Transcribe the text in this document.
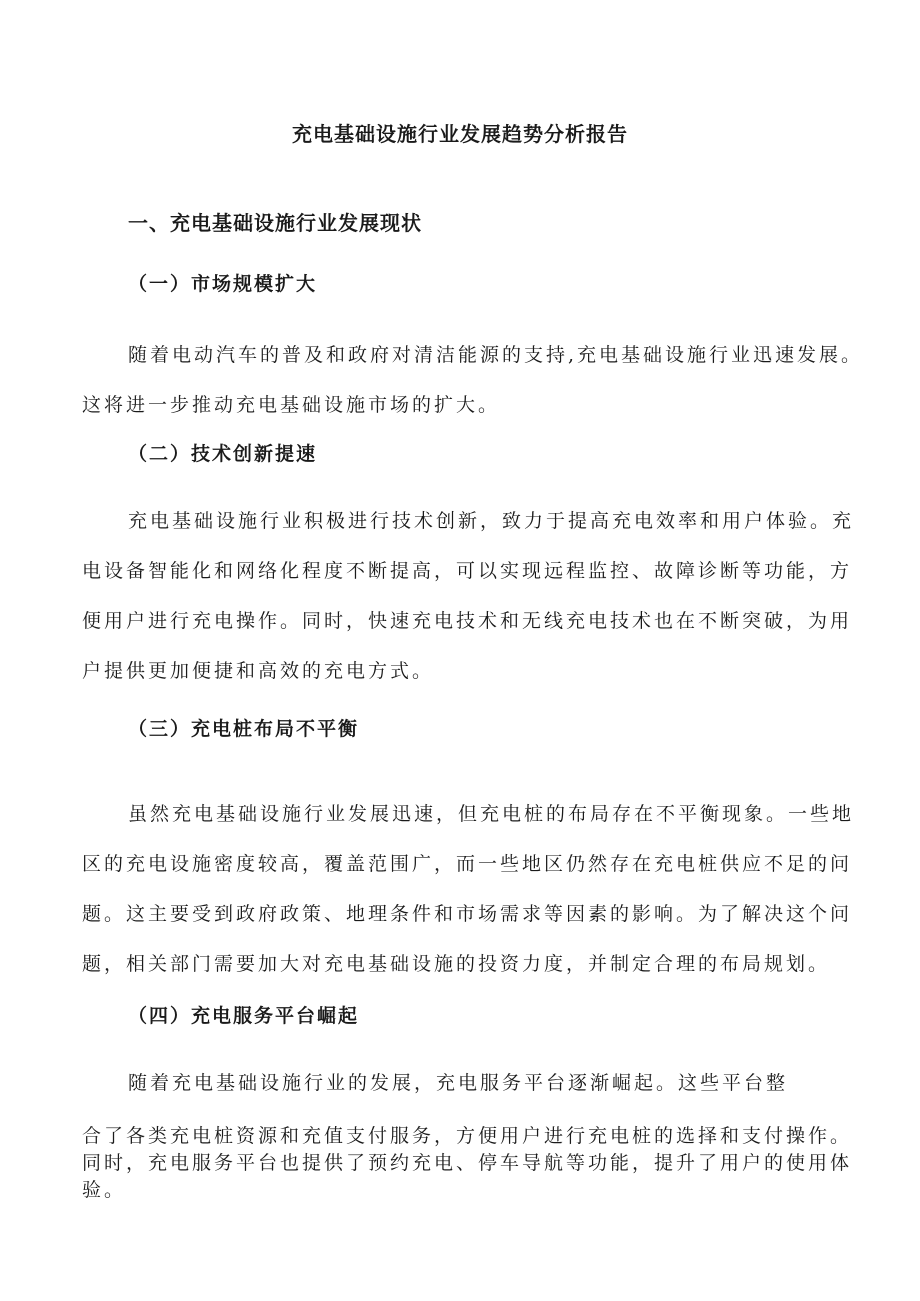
充电基础设施行业发展趋势分析报告
一、充电基础设施行业发展现状
（一）市场规模扩大

随着电动汽车的普及和政府对清洁能源的支持,充电基础设施行业迅速发展。
这将进一步推动充电基础设施市场的扩大。

（二）技术创新提速

充电基础设施行业积极进行技术创新，致力于提高充电效率和用户体验。充
电设备智能化和网络化程度不断提高，可以实现远程监控、故障诊断等功能，方
便用户进行充电操作。同时，快速充电技术和无线充电技术也在不断突破，为用
户提供更加便捷和高效的充电方式。

（三）充电桩布局不平衡

虽然充电基础设施行业发展迅速，但充电桩的布局存在不平衡现象。一些地
区的充电设施密度较高，覆盖范围广，而一些地区仍然存在充电桩供应不足的问
题。这主要受到政府政策、地理条件和市场需求等因素的影响。为了解决这个问
题，相关部门需要加大对充电基础设施的投资力度，并制定合理的布局规划。

（四）充电服务平台崛起

随着充电基础设施行业的发展，充电服务平台逐渐崛起。这些平台整

合了各类充电桩资源和充值支付服务，方便用户进行充电桩的选择和支付操作。
同时，充电服务平台也提供了预约充电、停车导航等功能，提升了用户的使用体
验。
